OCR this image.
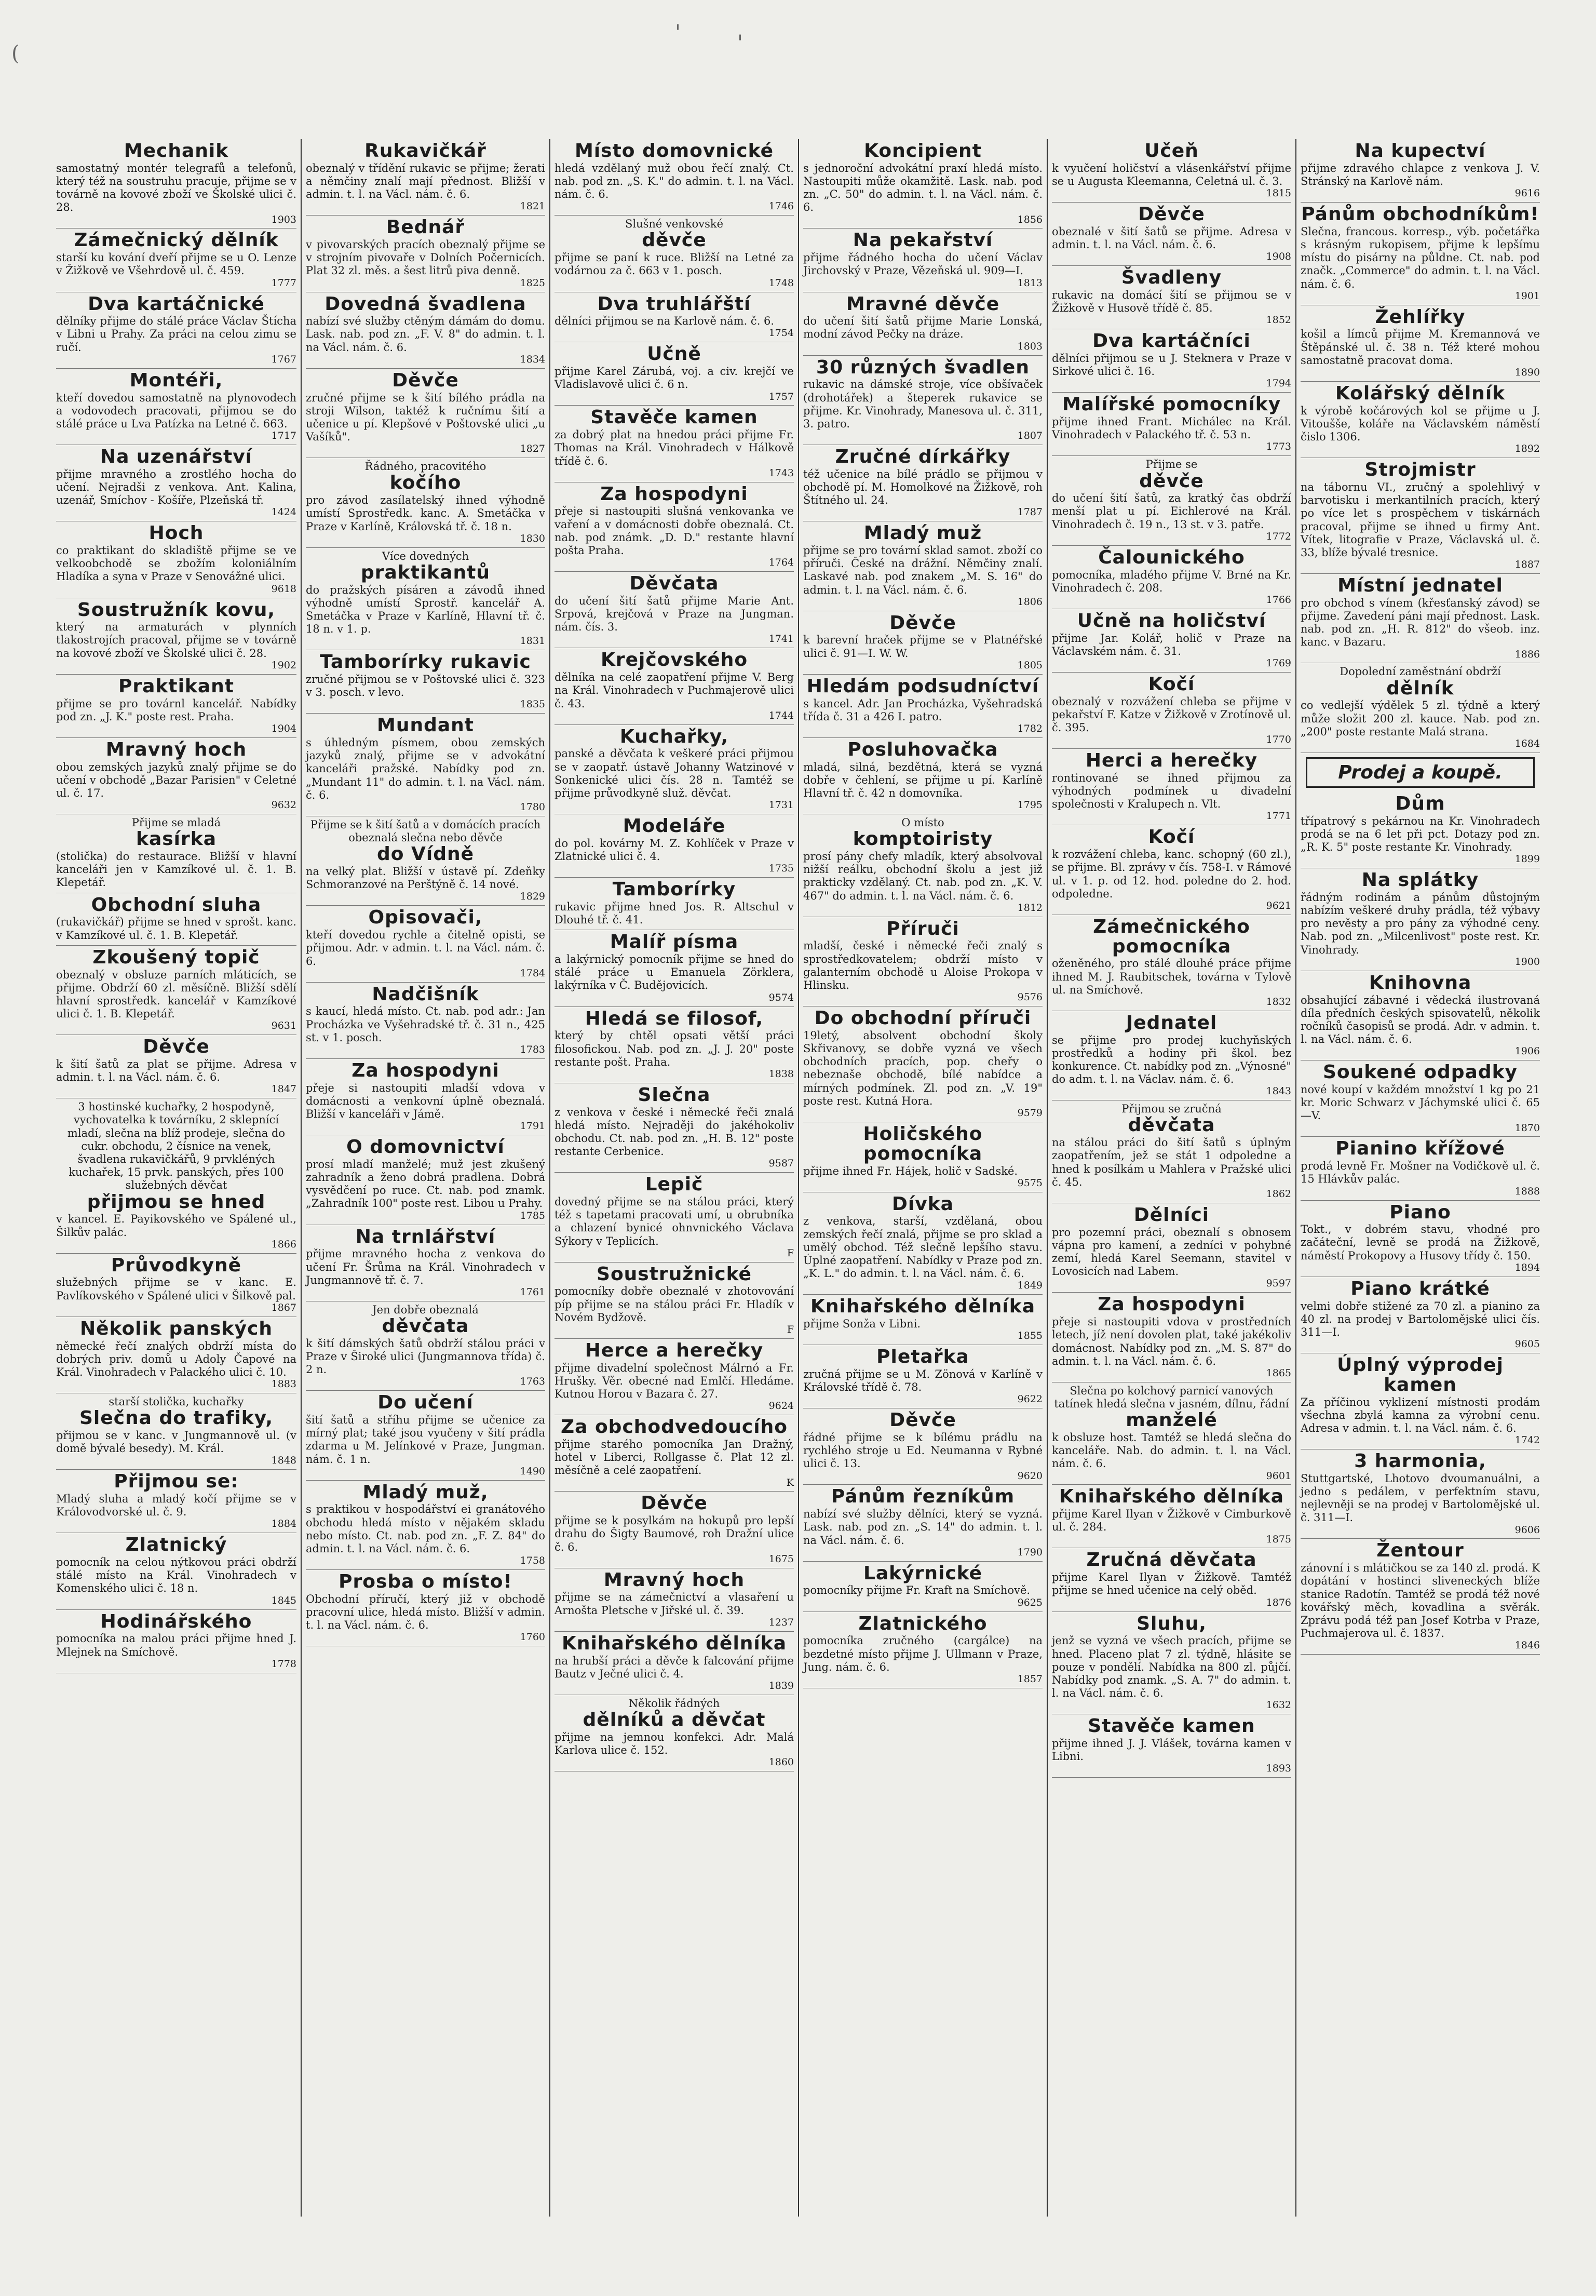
(
'	'
Mechanik

samostatný montér telegrafů a telefonů, který též na soustruhu pracuje, přijme se v továrně na kovové zboží ve Školské ulici č. 28.

1903
Zámečnický dělník

starší ku kování dveří přijme se u O. Lenze v Žižkově ve Všehrdově ul. č. 459.

1777
Dva kartáčnické

dělníky přijme do stálé práce Václav Štícha v Libni u Prahy. Za práci na celou zimu se ručí.

1767
Montéři,

kteří dovedou samostatně na plynovodech a vodovodech pracovati, přijmou se do stálé práce u Lva Patízka na Letné č. 663.

1717
Na uzenářství

přijme mravného a zrostlého hocha do učení. Nejradši z venkova. Ant. Kalina, uzenář, Smíchov - Košíře, Plzeňská tř.

1424
Hoch

co praktikant do skladiště přijme se ve velkoobchodě se zbožím koloniálním Hladíka a syna v Praze v Senovážné ulici.

9618
Soustružník kovu,

který na armaturách v plynních tlakostrojích pracoval, přijme se v továrně na kovové zboží ve Školské ulici č. 28.

1902
Praktikant

přijme se pro továrnl kancelář. Nabídky pod zn. „J. K." poste rest. Praha.

1904
Mravný hoch

obou zemských jazyků znalý přijme se do učení v obchodě „Bazar Parisien" v Celetné ul. č. 17.

9632
Přijme se mladá
kasírka

(stolička) do restaurace. Bližší v hlavní kanceláři jen v Kamzíkové ul. č. 1. B. Klepetář.

Obchodní sluha

(rukavičkář) přijme se hned v sprošt. kanc. v Kamzíkové ul. č. 1. B. Klepetář.

Zkoušený topič

obeznalý v obsluze parních mláticích, se přijme. Obdrží 60 zl. měsíčně. Bližší sdělí hlavní sprostředk. kancelář v Kamzíkové ulici č. 1. B. Klepetář.

9631
Děvče

k šití šatů za plat se přijme. Adresa v admin. t. l. na Václ. nám. č. 6.

1847
3 hostinské kuchařky, 2 hospodyně, vychovatelka k továrníku, 2 sklepnící mladí, slečna na blíž prodeje, slečna do cukr. obchodu, 2 čísnice na venek, švadlena rukavičkářů, 9 prvkléných kuchařek, 15 prvk. panských, přes 100 služebných děvčat
přijmou se hned

v kancel. E. Payikovského ve Spálené ul., Šilkův palác.

1866
Průvodkyně

služebných přijme se v kanc. E. Pavlíkovského v Spálené ulici v Šilkově pal.

1867
Několik panských

německé řečí znalých obdrží místa do dobrých priv. domů u Adoly Čapové na Král. Vinohradech v Palackého ulici č. 10.

1883
starší stolička, kuchařky
Slečna do trafiky,

přijmou se v kanc. v Jungmannově ul. (v domě bývalé besedy). M. Král.

1848
Přijmou se:

Mladý sluha a mladý kočí přijme se v Královodvorské ul. č. 9.

1884
Zlatnický

pomocník na celou nýtkovou práci obdrží stálé místo na Král. Vinohradech v Komenského ulici č. 18 n.

1845
Hodinářského

pomocníka na malou práci přijme hned J. Mlejnek na Smíchově.

1778
Rukavičkář

obeznalý v třídění rukavic se přijme; žerati a němčiny znalí mají přednost. Bližší v admin. t. l. na Václ. nám. č. 6.

1821
Bednář

v pivovarských pracích obeznalý přijme se v strojním pivovaře v Dolních Počernicích. Plat 32 zl. měs. a šest litrů piva denně.

1825
Dovedná švadlena

nabízí své služby ctěným dámám do domu. Lask. nab. pod zn. „F. V. 8" do admin. t. l. na Václ. nám. č. 6.

1834
Děvče

zručné přijme se k šití bílého prádla na stroji Wilson, taktéž k ručnímu šití a učenice u pí. Klepšové v Poštovské ulici „u Vašíků".

1827
Řádného, pracovitého
kočího

pro závod zasílatelský ihned výhodně umístí Sprostředk. kanc. A. Smetáčka v Praze v Karlíně, Královská tř. č. 18 n.

1830
Více dovedných
praktikantů

do pražských písáren a závodů ihned výhodně umístí Sprostř. kancelář A. Smetáčka v Praze v Karlíně, Hlavní tř. č. 18 n. v 1. p.

1831
Tamborírky rukavic

zručné přijmou se v Poštovské ulici č. 323 v 3. posch. v levo.

1835
Mundant

s úhledným písmem, obou zemských jazyků znalý, přijme se v advokátní kanceláři pražské. Nabídky pod zn. „Mundant 11" do admin. t. l. na Václ. nám. č. 6.

1780
Přijme se k šití šatů a v domácích pracích obeznalá slečna nebo děvče
do Vídně

na velký plat. Bližší v ústavě pí. Zdeňky Schmoranzové na Perštýně č. 14 nové.

1829
Opisovači,

kteří dovedou rychle a čitelně opisti, se přijmou. Adr. v admin. t. l. na Václ. nám. č. 6.

1784
Nadčišník

s kaucí, hledá místo. Ct. nab. pod adr.: Jan Procházka ve Vyšehradské tř. č. 31 n., 425 st. v 1. posch.

1783
Za hospodyni

přeje si nastoupiti mladší vdova v domácnosti a venkovní úplně obeznalá. Bližší v kanceláři v Jámě.

1791
O domovnictví

prosí mladí manželé; muž jest zkušený zahradník a ženo dobrá pradlena. Dobrá vysvědčení po ruce. Ct. nab. pod znamk. „Zahradník 100" poste rest. Libou u Prahy.

1785
Na trnlářství

přijme mravného hocha z venkova do učení Fr. Šrůma na Král. Vinohradech v Jungmannově tř. č. 7.

1761
Jen dobře obeznalá
děvčata

k šití dámských šatů obdrží stálou práci v Praze v Široké ulici (Jungmannova třída) č. 2 n.

1763
Do učení

šití šatů a stříhu přijme se učenice za mírný plat; také jsou vyučeny v šití prádla zdarma u M. Jelínkové v Praze, Jungman. nám. č. 1 n.

1490
Mladý muž,

s praktikou v hospodářství ei granátového obchodu hledá místo v nějakém skladu nebo místo. Ct. nab. pod zn. „F. Z. 84" do admin. t. l. na Václ. nám. č. 6.

1758
Prosba o místo!

Obchodní příručí, který již v obchodě pracovní ulice, hledá místo. Bližší v admin. t. l. na Václ. nám. č. 6.

1760
Místo domovnické

hledá vzdělaný muž obou řečí znalý. Ct. nab. pod zn. „S. K." do admin. t. l. na Václ. nám. č. 6.

1746
Slušné venkovské
děvče

přijme se paní k ruce. Bližší na Letné za vodárnou za č. 663 v 1. posch.

1748
Dva truhlářští

dělníci přijmou se na Karlově nám. č. 6.

1754
Učně

přijme Karel Zárubá, voj. a civ. krejčí ve Vladislavově ulici č. 6 n.

1757
Stavěče kamen

za dobrý plat na hnedou práci přijme Fr. Thomas na Král. Vinohradech v Hálkově třídě č. 6.

1743
Za hospodyni

přeje si nastoupiti slušná venkovanka ve vaření a v domácnosti dobře obeznalá. Ct. nab. pod známk. „D. D." restante hlavní pošta Praha.

1764
Děvčata

do učení šití šatů přijme Marie Ant. Srpová, krejčová v Praze na Jungman. nám. čís. 3.

1741
Krejčovského

dělníka na celé zaopatření přijme V. Berg na Král. Vinohradech v Puchmajerově ulici č. 43.

1744
Kuchařky,

panské a děvčata k veškeré práci přijmou se v zaopatř. ústavě Johanny Watzinové v Sonkenické ulici čís. 28 n. Tamtéž se přijme průvodkyně služ. děvčat.

1731
Modeláře

do pol. kovárny M. Z. Kohlíček v Praze v Zlatnické ulici č. 4.

1735
Tamborírky

rukavic přijme hned Jos. R. Altschul v Dlouhé tř. č. 41.

Malíř písma

a lakýrnický pomocník přijme se hned do stálé práce u Emanuela Zörklera, lakýrníka v Č. Budějovicích.

9574
Hledá se filosof,

který by chtěl opsati větší práci filosofickou. Nab. pod zn. „J. J. 20" poste restante pošt. Praha.

1838
Slečna

z venkova v české i německé řeči znalá hledá místo. Nejraději do jakéhokoliv obchodu. Ct. nab. pod zn. „H. B. 12" poste restante Cerbenice.

9587
Lepič

dovedný přijme se na stálou práci, který též s tapetami pracovati umí, u obrubníka a chlazení bynicé ohnvnického Václava Sýkory v Teplicích.

F
Soustružnické

pomocníky dobře obeznalé v zhotovování píp přijme se na stálou práci Fr. Hladík v Novém Bydžově.

F
Herce a herečky

přijme divadelní společnost Málrnó a Fr. Hrušky. Věr. obecné nad Emlčí. Hledáme. Kutnou Horou v Bazara č. 27.

9624
Za obchodvedoucího

přijme starého pomocníka Jan Dražný, hotel v Liberci, Rollgasse č. Plat 12 zl. měsíčně a celé zaopatření.

K
Děvče

přijme se k posylkám na hokupů pro lepší drahu do Šigty Baumové, roh Dražní ulice č. 6.

1675
Mravný hoch

přijme se na zámečnictví a vlasaření u Arnošta Pletsche v Jiřské ul. č. 39.

1237
Knihařského dělníka

na hrubší práci a děvče k falcování přijme Bautz v Ječné ulici č. 4.

1839
Několik řádných
dělníků a děvčat

přijme na jemnou konfekci. Adr. Malá Karlova ulice č. 152.

1860
Koncipient

s jednoroční advokátní praxí hledá místo. Nastoupiti může okamžitě. Lask. nab. pod zn. „C. 50" do admin. t. l. na Václ. nám. č. 6.

1856
Na pekařství

přijme řádného hocha do učení Václav Jirchovský v Praze, Vězeňská ul. 909—I.

1813
Mravné děvče

do učení šití šatů přijme Marie Lonská, modní závod Pečky na dráze.

1803
30 různých švadlen

rukavic na dámské stroje, více obšívaček (drohotářek) a šteperek rukavice se přijme. Kr. Vinohrady, Manesova ul. č. 311, 3. patro.

1807
Zručné dírkářky

též učenice na bílé prádlo se přijmou v obchodě pí. M. Homolkové na Žižkově, roh Štítného ul. 24.

1787
Mladý muž

přijme se pro tovární sklad samot. zboží co příruči. České na drážní. Němčiny znalí. Laskavé nab. pod znakem „M. S. 16" do admin. t. l. na Václ. nám. č. 6.

1806
Děvče

k barevní hraček přijme se v Platnéřské ulici č. 91—I. W. W.

1805
Hledám podsudníctví

s kancel. Adr. Jan Procházka, Vyšehradská třída č. 31 a 426 I. patro.

1782
Posluhovačka

mladá, silná, bezdětná, která se vyzná dobře v čehlení, se přijme u pí. Karlíně Hlavní tř. č. 42 n domovníka.

1795
O místo
komptoiristy

prosí pány chefy mladík, který absolvoval nižší reálku, obchodní školu a jest již prakticky vzdělaný. Ct. nab. pod zn. „K. V. 467" do admin. t. l. na Václ. nám. č. 6.

1812
Příruči

mladší, české i německé řeči znalý s sprostředkovatelem; obdrží místo v galanterním obchodě u Aloise Prokopa v Hlinsku.

9576
Do obchodní příruči

19letý, absolvent obchodní školy Skřivanovy, se dobře vyzná ve všech obchodních pracích, pop. cheřy o nebeznaše obchodě, bílé nabídce a mírných podmínek. Zl. pod zn. „V. 19" poste rest. Kutná Hora.

9579
Holičského pomocníka

přijme ihned Fr. Hájek, holič v Sadské.

9575
Dívka

z venkova, starší, vzdělaná, obou zemských řečí znalá, přijme se pro sklad a umělý obchod. Též slečně lepšího stavu. Úplné zaopatření. Nabídky v Praze pod zn. „K. L." do admin. t. l. na Václ. nám. č. 6.

1849
Knihařského dělníka

přijme Sonža v Libni.

1855
Pletařka

zručná přijme se u M. Zönová v Karlíně v Královské třídě č. 78.

9622
Děvče

řádné přijme se k bílému prádlu na rychlého stroje u Ed. Neumanna v Rybné ulici č. 13.

9620
Pánům řezníkům

nabízí své služby dělníci, který se vyzná. Lask. nab. pod zn. „S. 14" do admin. t. l. na Václ. nám. č. 6.

1790
Lakýrnické

pomocníky přijme Fr. Kraft na Smíchově.

9625
Zlatnického

pomocníka zručného (cargálce) na bezdetné místo přijme J. Ullmann v Praze, Jung. nám. č. 6.

1857
Učeň

k vyučení holičství a vlásenkářství přijme se u Augusta Kleemanna, Celetná ul. č. 3.

1815
Děvče

obeznalé v šití šatů se přijme. Adresa v admin. t. l. na Václ. nám. č. 6.

1908
Švadleny

rukavic na domácí šití se přijmou se v Žižkově v Husově třídě č. 85.

1852
Dva kartáčníci

dělníci přijmou se u J. Steknera v Praze v Sirkové ulici č. 16.

1794
Malířské pomocníky

přijme ihned Frant. Michálec na Král. Vinohradech v Palackého tř. č. 53 n.

1773
Přijme se
děvče

do učení šití šatů, za kratký čas obdrží menší plat u pí. Eichlerové na Král. Vinohradech č. 19 n., 13 st. v 3. patře.

1772
Čalounického

pomocníka, mladého přijme V. Brné na Kr. Vinohradech č. 208.

1766
Učně na holičství

přijme Jar. Kolář, holič v Praze na Václavském nám. č. 31.

1769
Kočí

obeznalý v rozvážení chleba se přijme v pekařství F. Katze v Žižkově v Zrotínově ul. č. 395.

1770
Herci a herečky

rontinované se ihned přijmou za výhodných podmínek u divadelní společnosti v Kralupech n. Vlt.

1771
Kočí

k rozvážení chleba, kanc. schopný (60 zl.), se přijme. Bl. zprávy v čís. 758-I. v Rámové ul. v 1. p. od 12. hod. poledne do 2. hod. odpoledne.

9621
Zámečnického pomocníka

oženěného, pro stálé dlouhé práce přijme ihned M. J. Raubitschek, továrna v Tylově ul. na Smíchově.

1832
Jednatel

se přijme pro prodej kuchyňských prostředků a hodiny při škol. bez konkurence. Ct. nabídky pod zn. „Výnosné" do adm. t. l. na Václav. nám. č. 6.

1843
Přijmou se zručná
děvčata

na stálou práci do šití šatů s úplným zaopatřením, jež se stát 1 odpoledne a hned k posílkám u Mahlera v Pražské ulici č. 45.

1862
Dělníci

pro pozemní práci, obeznalí s obnosem vápna pro kamení, a zedníci v pohybné zemí, hledá Karel Seemann, stavitel v Lovosicích nad Labem.

9597
Za hospodyni

přeje si nastoupiti vdova v prostředních letech, jíž není dovolen plat, také jakékoliv domácnost. Nabídky pod zn. „M. S. 87" do admin. t. l. na Václ. nám. č. 6.

1865
Slečna po kolchový parnicí vanových tatínek hledá slečna v jasném, dílnu, řádní
manželé

k obsluze host. Tamtéž se hledá slečna do kanceláře. Nab. do admin. t. l. na Václ. nám. č. 6.

9601
Knihařského dělníka

přijme Karel Ilyan v Žižkově v Cimburkově ul. č. 284.

1875
Zručná děvčata

přijme Karel Ilyan v Žižkově. Tamtéž přijme se hned učenice na celý oběd.

1876
Sluhu,

jenž se vyzná ve všech pracích, přijme se hned. Placeno plat 7 zl. týdně, hlásite se pouze v pondělí. Nabídka na 800 zl. půjčí. Nabídky pod znamk. „S. A. 7" do admin. t. l. na Václ. nám. č. 6.

1632
Stavěče kamen

přijme ihned J. J. Vlášek, továrna kamen v Libni.

1893
Na kupectví

přijme zdravého chlapce z venkova J. V. Stránský na Karlově nám.

9616
Pánům obchodníkům!

Slečna, francous. korresp., výb. početářka s krásným rukopisem, přijme k lepšímu místu do pisárny na půldne. Ct. nab. pod značk. „Commerce" do admin. t. l. na Václ. nám. č. 6.

1901
Žehlířky

košil a límců přijme M. Kremannová ve Štěpánské ul. č. 38 n. Též které mohou samostatně pracovat doma.

1890
Kolářský dělník

k výrobě kočárových kol se přijme u J. Vitoušše, koláře na Václavském náměstí čislo 1306.

1892
Strojmistr

na tábornu VI., zručný a spolehlivý v barvotisku i merkantilních pracích, který po více let s prospěchem v tiskárnách pracoval, přijme se ihned u firmy Ant. Vítek, litografie v Praze, Václavská ul. č. 33, blíže bývalé tresnice.

1887
Místní jednatel

pro obchod s vínem (křesťanský závod) se přijme. Zavedení páni mají přednost. Lask. nab. pod zn. „H. R. 812" do všeob. inz. kanc. v Bazaru.

1886
Dopolední zaměstnání obdrží
dělník

co vedlejší výdělek 5 zl. týdně a který může složit 200 zl. kauce. Nab. pod zn. „200" poste restante Malá strana.

1684
Prodej a koupě.
Dům

třípatrový s pekárnou na Kr. Vinohradech prodá se na 6 let při pct. Dotazy pod zn. „R. K. 5" poste restante Kr. Vinohrady.

1899
Na splátky

řádným rodinám a pánům důstojným nabízím veškeré druhy prádla, též výbavy pro nevěsty a pro pány za výhodné ceny. Nab. pod zn. „Milcenlivost" poste rest. Kr. Vinohrady.

1900
Knihovna

obsahující zábavné i vědecká ilustrovaná díla předních českých spisovatelů, několik ročníků časopisů se prodá. Adr. v admin. t. l. na Václ. nám. č. 6.

1906
Soukené odpadky

nové koupí v každém množství 1 kg po 21 kr. Moric Schwarz v Jáchymské ulici č. 65—V.

1870
Pianino křížové

prodá levně Fr. Mošner na Vodičkově ul. č. 15 Hlávkův palác.

1888
Piano

Tokt., v dobrém stavu, vhodné pro začáteční, levně se prodá na Žižkově, náměstí Prokopovy a Husovy třídy č. 150.

1894
Piano krátké

velmi dobře stižené za 70 zl. a pianino za 40 zl. na prodej v Bartolomějské ulici čís. 311—I.

9605
Úplný výprodej kamen

Za příčinou vyklizení místnosti prodám všechna zbylá kamna za výrobní cenu. Adresa v admin. t. l. na Václ. nám. č. 6.

1742
3 harmonia,

Stuttgartské, Lhotovo dvoumanuálni, a jedno s pedálem, v perfektním stavu, nejlevněji se na prodej v Bartolomějské ul. č. 311—I.

9606
Žentour

zánovní i s mlátičkou se za 140 zl. prodá. K dopátání v hostinci sliveneckých blíže stanice Radotín. Tamtéž se prodá též nové kovářský měch, kovadlina a svěrák. Zprávu podá též pan Josef Kotrba v Praze, Puchmajerova ul. č. 1837.

1846
